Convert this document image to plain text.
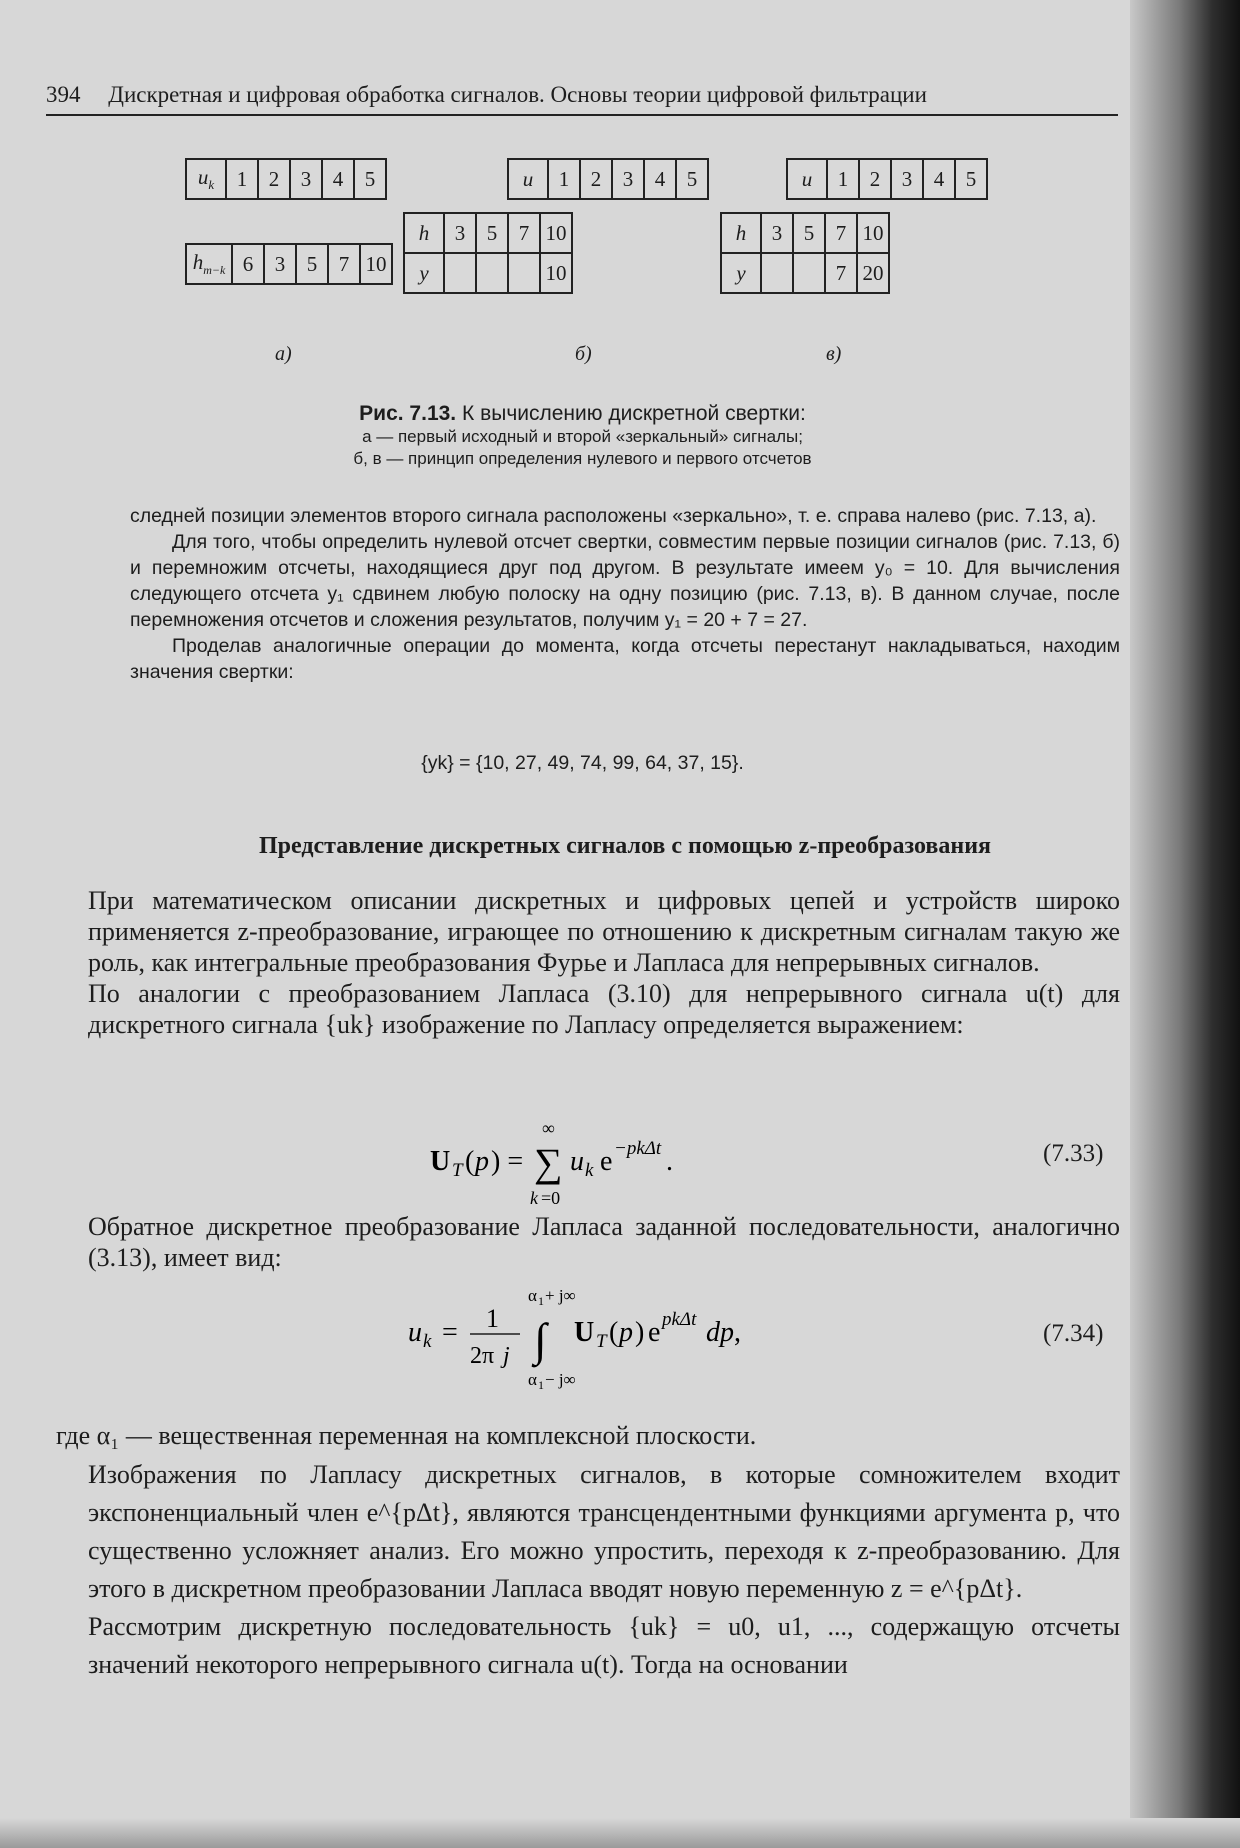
394 Дискретная и цифровая обработка сигналов. Основы теории цифровой фильтрации
$u_k$	1	2	3	4	5
$h_{m-k}$	6	3	5	7	10
а)
u	1	2	3	4	5
h	3	5	7	10
y				10
б)
u	1	2	3	4	5
h	3	5	7	10
y			7	20
в)
Рис. 7.13. К вычислению дискретной свертки:
а — первый исходный и второй «зеркальный» сигналы;
б, в — принцип определения нулевого и первого отсчетов

следней позиции элементов второго сигнала расположены «зеркально», т. е. справа налево (рис. 7.13, а).

Для того, чтобы определить нулевой отсчет свертки, совместим первые позиции сигналов (рис. 7.13, б) и перемножим отсчеты, находящиеся друг под другом. В результате имеем y₀ = 10. Для вычисления следующего отсчета y₁ сдвинем любую полоску на одну позицию (рис. 7.13, в). В данном случае, после перемножения отсчетов и сложения результатов, получим y₁ = 20 + 7 = 27.

Проделав аналогичные операции до момента, когда отсчеты перестанут накладываться, находим значения свертки:

{yk} = {10, 27, 49, 74, 99, 64, 37, 15}.
Представление дискретных сигналов с помощью z-преобразования

При математическом описании дискретных и цифровых цепей и устройств широко применяется z-преобразование, играющее по отношению к дискретным сигналам такую же роль, как интегральные преобразования Фурье и Лапласа для непрерывных сигналов.

По аналогии с преобразованием Лапласа (3.10) для непрерывного сигнала u(t) для дискретного сигнала {uk} изображение по Лапласу определяется выражением:

U T ( p ) =
∞
∑
k =0
u k e −pkΔt .	(7.33)

Обратное дискретное преобразование Лапласа заданной последовательности, аналогично (3.13), имеет вид:

u k = 1
2π j
α 1 + j∞
∫
α 1 − j∞
U T ( p ) e pkΔt dp ,	(7.34)

где α₁ — вещественная переменная на комплексной плоскости.

Изображения по Лапласу дискретных сигналов, в которые сомножителем входит экспоненциальный член e^{pΔt}, являются трансцендентными функциями аргумента p, что существенно усложняет анализ. Его можно упростить, переходя к z-преобразованию. Для этого в дискретном преобразовании Лапласа вводят новую переменную z = e^{pΔt}.

Рассмотрим дискретную последовательность {uk} = u0, u1, ..., содержащую отсчеты значений некоторого непрерывного сигнала u(t). Тогда на основании
